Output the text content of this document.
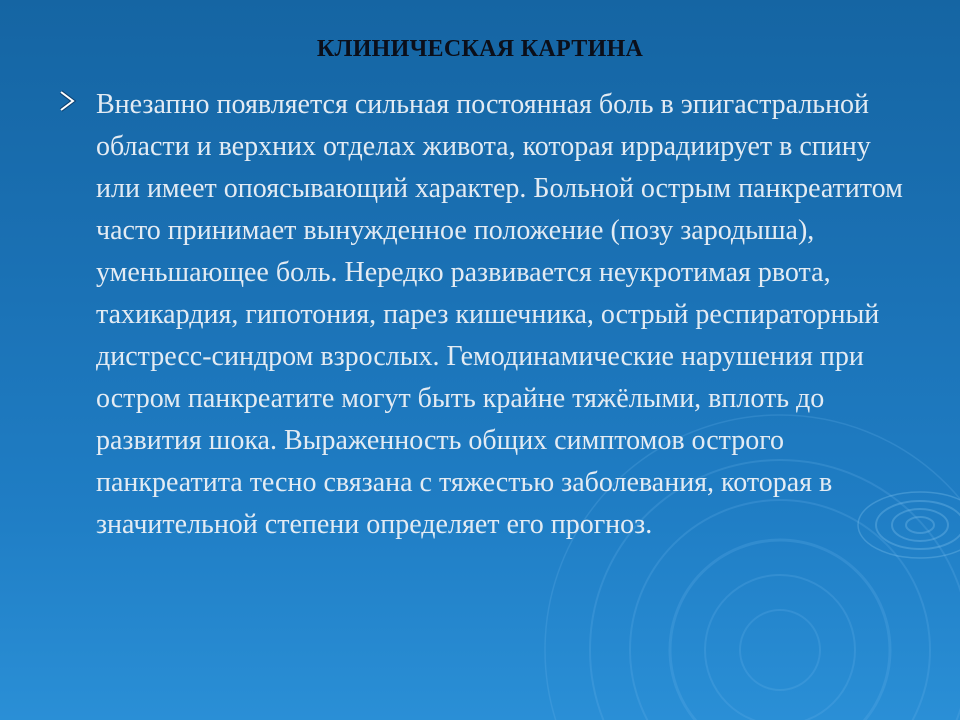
КЛИНИЧЕСКАЯ КАРТИНА

Внезапно появляется сильная постоянная боль в эпигастральной области и верхних отделах живота, которая иррадиирует в спину или имеет опоясывающий характер. Больной острым панкреатитом часто принимает вынужденное положение (позу зародыша), уменьшающее боль. Нередко развивается неукротимая рвота, тахикардия, гипотония, парез кишечника, острый респираторный дистресс-синдром взрослых. Гемодинамические нарушения при остром панкреатите могут быть крайне тяжёлыми, вплоть до развития шока. Выраженность общих симптомов острого панкреатита тесно связана с тяжестью заболевания, которая в значительной степени определяет его прогноз.
